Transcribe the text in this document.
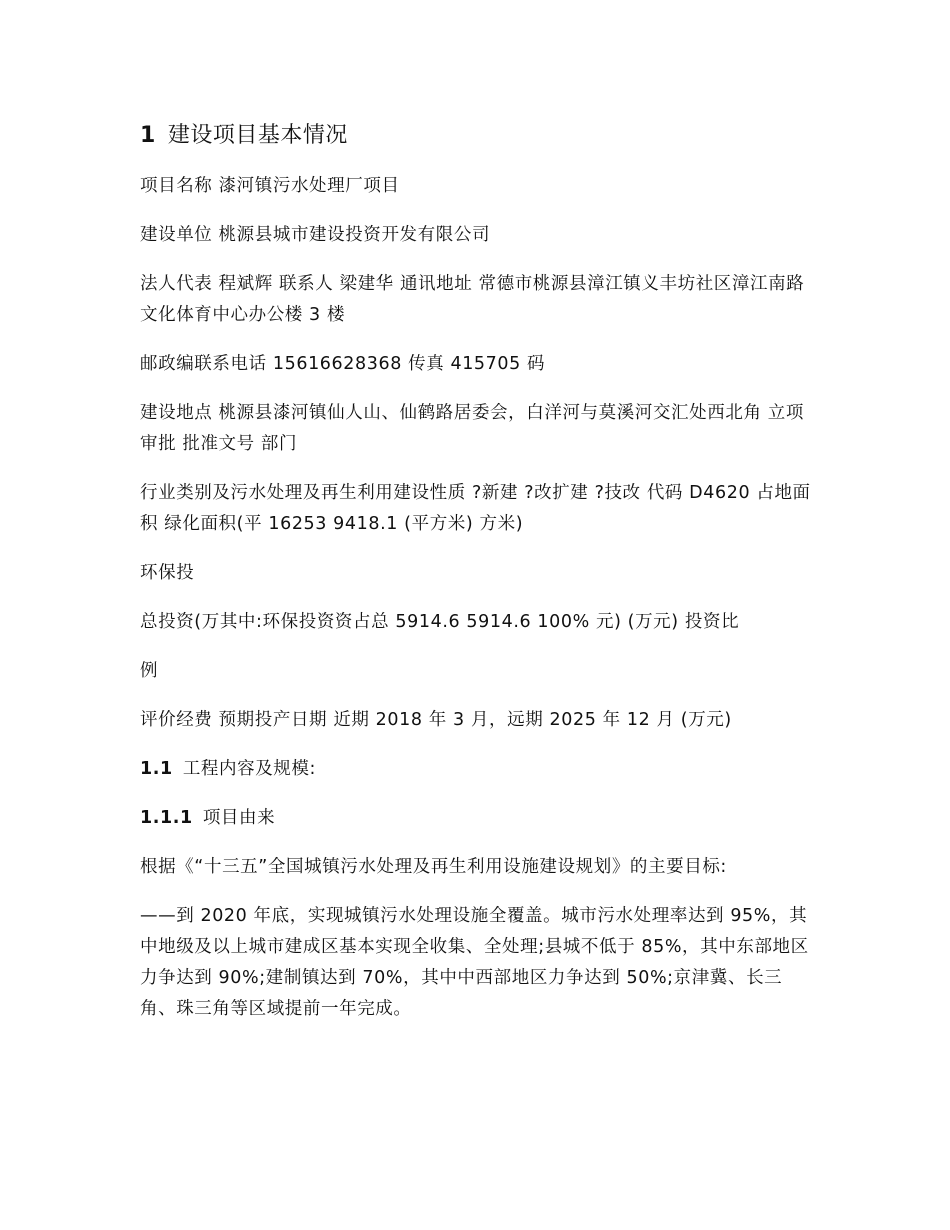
1 建设项目基本情况
项目名称 漆河镇污水处理厂项目
建设单位 桃源县城市建设投资开发有限公司
法人代表 程斌辉 联系人 梁建华 通讯地址 常德市桃源县漳江镇义丰坊社区漳江南路文化体育中心办公楼 3 楼
邮政编联系电话 15616628368 传真 415705 码
建设地点 桃源县漆河镇仙人山、仙鹤路居委会，白洋河与莫溪河交汇处西北角 立项审批 批准文号 部门
行业类别及污水处理及再生利用建设性质 ?新建 ?改扩建 ?技改 代码 D4620 占地面积 绿化面积(平 16253 9418.1 (平方米) 方米)
环保投
总投资(万其中:环保投资资占总 5914.6 5914.6 100% 元) (万元) 投资比
例
评价经费 预期投产日期 近期 2018 年 3 月，远期 2025 年 12 月 (万元)
1.1 工程内容及规模:
1.1.1 项目由来
根据《“十三五”全国城镇污水处理及再生利用设施建设规划》的主要目标:
——到 2020 年底，实现城镇污水处理设施全覆盖。城市污水处理率达到 95%，其中地级及以上城市建成区基本实现全收集、全处理;县城不低于 85%，其中东部地区力争达到 90%;建制镇达到 70%，其中中西部地区力争达到 50%;京津冀、长三角、珠三角等区域提前一年完成。
